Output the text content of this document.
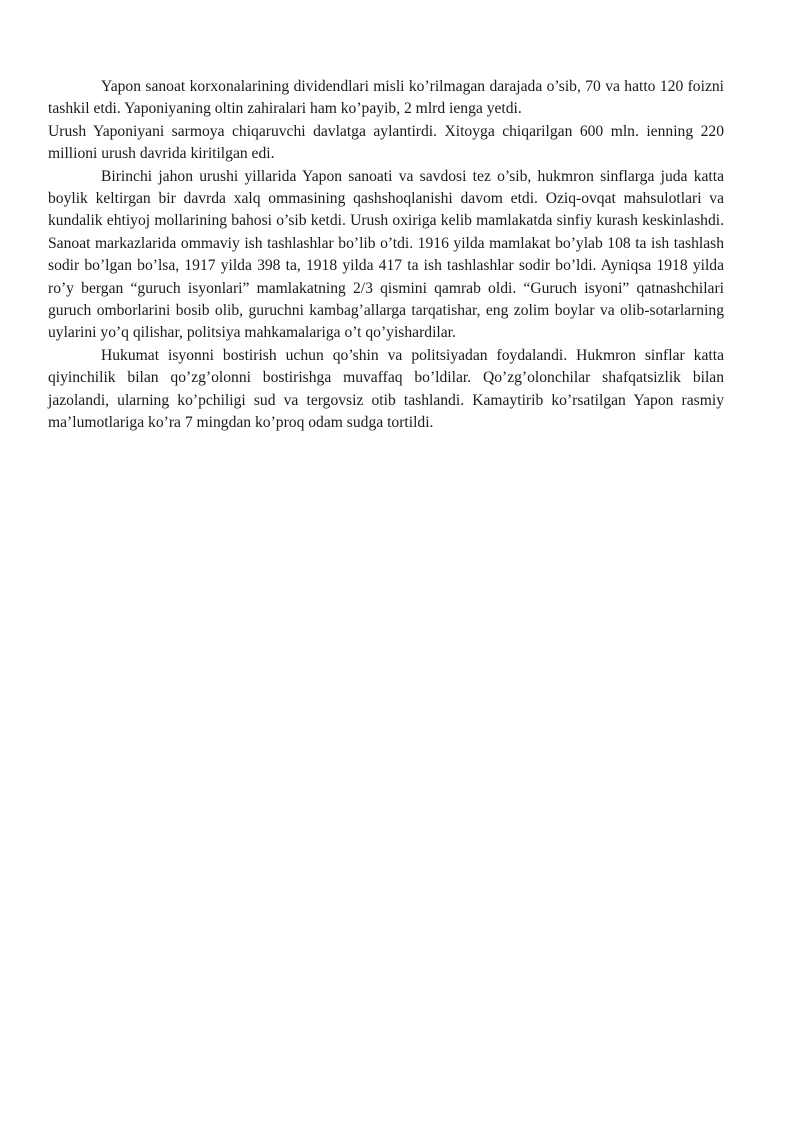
Yapon sanoat korxonalarining dividendlari misli ko’rilmagan darajada o’sib, 70 va hatto 120 foizni tashkil etdi. Yaponiyaning oltin zahiralari ham ko’payib, 2 mlrd ienga yetdi.

Urush Yaponiyani sarmoya chiqaruvchi davlatga aylantirdi. Xitoyga chiqarilgan 600 mln. ienning 220 millioni urush davrida kiritilgan edi.

Birinchi jahon urushi yillarida Yapon sanoati va savdosi tez o’sib, hukmron sinflarga juda katta boylik keltirgan bir davrda xalq ommasining qashshoqlanishi davom etdi. Oziq-ovqat mahsulotlari va kundalik ehtiyoj mollarining bahosi o’sib ketdi. Urush oxiriga kelib mamlakatda sinfiy kurash keskinlashdi. Sanoat markazlarida ommaviy ish tashlashlar bo’lib o’tdi. 1916 yilda mamlakat bo’ylab 108 ta ish tashlash sodir bo’lgan bo’lsa, 1917 yilda 398 ta, 1918 yilda 417 ta ish tashlashlar sodir bo’ldi. Ayniqsa 1918 yilda ro’y bergan “guruch isyonlari” mamlakatning 2/3 qismini qamrab oldi. “Guruch isyoni” qatnashchilari guruch omborlarini bosib olib, guruchni kambag’allarga tarqatishar, eng zolim boylar va olib-sotarlarning uylarini yo’q qilishar, politsiya mahkamalariga o’t qo’yishardilar.

Hukumat isyonni bostirish uchun qo’shin va politsiyadan foydalandi. Hukmron sinflar katta qiyinchilik bilan qo’zg’olonni bostirishga muvaffaq bo’ldilar. Qo’zg’olonchilar shafqatsizlik bilan jazolandi, ularning ko’pchiligi sud va tergovsiz otib tashlandi. Kamaytirib ko’rsatilgan Yapon rasmiy ma’lumotlariga ko’ra 7 mingdan ko’proq odam sudga tortildi.
